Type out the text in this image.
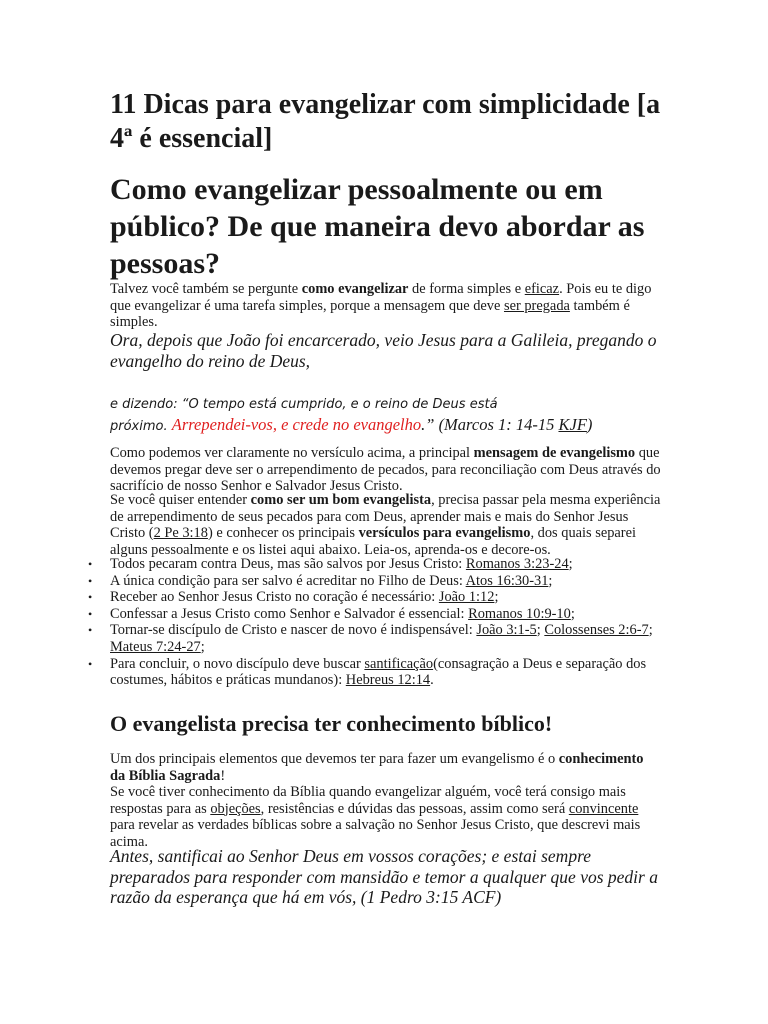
11 Dicas para evangelizar com simplicidade [a 4ª é essencial]
Como evangelizar pessoalmente ou em público? De que maneira devo abordar as pessoas?

Talvez você também se pergunte como evangelizar de forma simples e eficaz. Pois eu te digo que evangelizar é uma tarefa simples, porque a mensagem que deve ser pregada também é simples.

Ora, depois que João foi encarcerado, veio Jesus para a Galileia, pregando o evangelho do reino de Deus,

e dizendo: “O tempo está cumprido, e o reino de Deus está
próximo. Arrependei-vos, e crede no evangelho.” (Marcos 1: 14-15 KJF)

Como podemos ver claramente no versículo acima, a principal mensagem de evangelismo que devemos pregar deve ser o arrependimento de pecados, para reconciliação com Deus através do sacrifício de nosso Senhor e Salvador Jesus Cristo.

Se você quiser entender como ser um bom evangelista, precisa passar pela mesma experiência de arrependimento de seus pecados para com Deus, aprender mais e mais do Senhor Jesus Cristo (2 Pe 3:18) e conhecer os principais versículos para evangelismo, dos quais separei alguns pessoalmente e os listei aqui abaixo. Leia-os, aprenda-os e decore-os.

• Todos pecaram contra Deus, mas são salvos por Jesus Cristo: Romanos 3:23-24;
• A única condição para ser salvo é acreditar no Filho de Deus: Atos 16:30-31;
• Receber ao Senhor Jesus Cristo no coração é necessário: João 1:12;
• Confessar a Jesus Cristo como Senhor e Salvador é essencial: Romanos 10:9-10;
• Tornar-se discípulo de Cristo e nascer de novo é indispensável: João 3:1-5; Colossenses 2:6-7; Mateus 7:24-27;
• Para concluir, o novo discípulo deve buscar santificação(consagração a Deus e separação dos costumes, hábitos e práticas mundanos): Hebreus 12:14.
O evangelista precisa ter conhecimento bíblico!

Um dos principais elementos que devemos ter para fazer um evangelismo é o conhecimento da Bíblia Sagrada!

Se você tiver conhecimento da Bíblia quando evangelizar alguém, você terá consigo mais respostas para as objeções, resistências e dúvidas das pessoas, assim como será convincente para revelar as verdades bíblicas sobre a salvação no Senhor Jesus Cristo, que descrevi mais acima.

Antes, santificai ao Senhor Deus em vossos corações; e estai sempre preparados para responder com mansidão e temor a qualquer que vos pedir a razão da esperança que há em vós, (1 Pedro 3:15 ACF)
